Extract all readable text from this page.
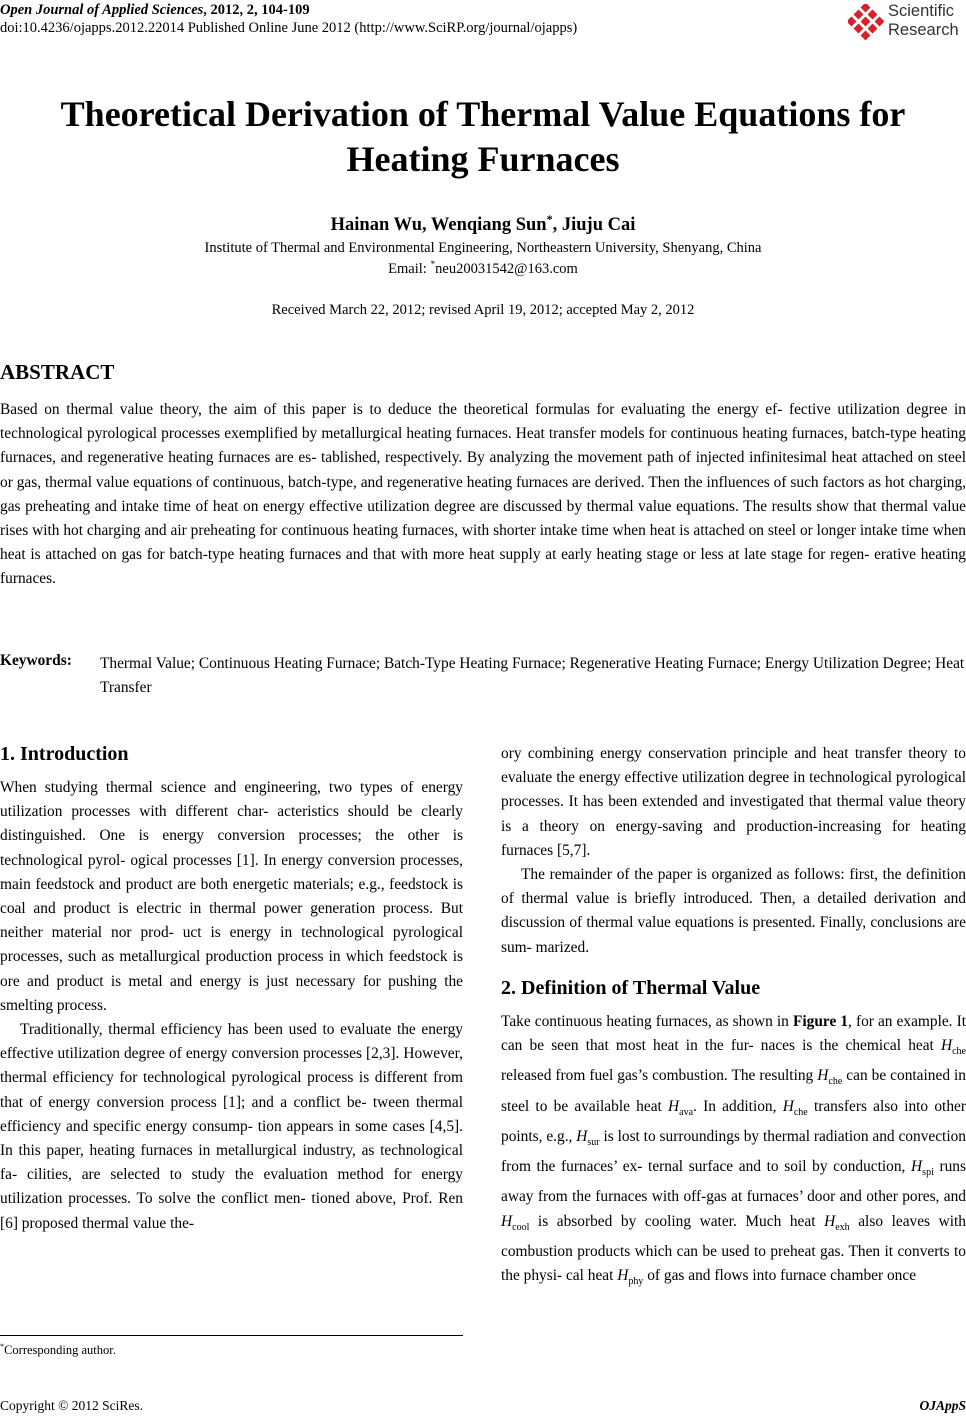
Open Journal of Applied Sciences, 2012, 2, 104-109
doi:10.4236/ojapps.2012.22014 Published Online June 2012 (http://www.SciRP.org/journal/ojapps)
Scientific
Research
Theoretical Derivation of Thermal Value Equations for Heating Furnaces
Hainan Wu, Wenqiang Sun*, Jiuju Cai
Institute of Thermal and Environmental Engineering, Northeastern University, Shenyang, China
Email: *neu20031542@163.com
Received March 22, 2012; revised April 19, 2012; accepted May 2, 2012
ABSTRACT
Based on thermal value theory, the aim of this paper is to deduce the theoretical formulas for evaluating the energy ef- fective utilization degree in technological pyrological processes exemplified by metallurgical heating furnaces. Heat transfer models for continuous heating furnaces, batch-type heating furnaces, and regenerative heating furnaces are es- tablished, respectively. By analyzing the movement path of injected infinitesimal heat attached on steel or gas, thermal value equations of continuous, batch-type, and regenerative heating furnaces are derived. Then the influences of such factors as hot charging, gas preheating and intake time of heat on energy effective utilization degree are discussed by thermal value equations. The results show that thermal value rises with hot charging and air preheating for continuous heating furnaces, with shorter intake time when heat is attached on steel or longer intake time when heat is attached on gas for batch-type heating furnaces and that with more heat supply at early heating stage or less at late stage for regen- erative heating furnaces.
Keywords: Thermal Value; Continuous Heating Furnace; Batch-Type Heating Furnace; Regenerative Heating Furnace; Energy Utilization Degree; Heat Transfer

1. Introduction

When studying thermal science and engineering, two types of energy utilization processes with different char- acteristics should be clearly distinguished. One is energy conversion processes; the other is technological pyrol- ogical processes [1]. In energy conversion processes, main feedstock and product are both energetic materials; e.g., feedstock is coal and product is electric in thermal power generation process. But neither material nor prod- uct is energy in technological pyrological processes, such as metallurgical production process in which feedstock is ore and product is metal and energy is just necessary for pushing the smelting process.

Traditionally, thermal efficiency has been used to evaluate the energy effective utilization degree of energy conversion processes [2,3]. However, thermal efficiency for technological pyrological process is different from that of energy conversion process [1]; and a conflict be- tween thermal efficiency and specific energy consump- tion appears in some cases [4,5]. In this paper, heating furnaces in metallurgical industry, as technological fa- cilities, are selected to study the evaluation method for energy utilization processes. To solve the conflict men- tioned above, Prof. Ren [6] proposed thermal value the-

ory combining energy conservation principle and heat transfer theory to evaluate the energy effective utilization degree in technological pyrological processes. It has been extended and investigated that thermal value theory is a theory on energy-saving and production-increasing for heating furnaces [5,7].

The remainder of the paper is organized as follows: first, the definition of thermal value is briefly introduced. Then, a detailed derivation and discussion of thermal value equations is presented. Finally, conclusions are sum- marized.

2. Definition of Thermal Value

Take continuous heating furnaces, as shown in Figure 1, for an example. It can be seen that most heat in the fur- naces is the chemical heat $H_{che}$ released from fuel gas’s combustion. The resulting $H_{che}$ can be contained in steel to be available heat $H_{ava}$. In addition, $H_{che}$ transfers also into other points, e.g., $H_{sur}$ is lost to surroundings by thermal radiation and convection from the furnaces’ ex- ternal surface and to soil by conduction, $H_{spi}$ runs away from the furnaces with off-gas at furnaces’ door and other pores, and $H_{cool}$ is absorbed by cooling water. Much heat $H_{exh}$ also leaves with combustion products which can be used to preheat gas. Then it converts to the physi- cal heat $H_{phy}$ of gas and flows into furnace chamber once

*Corresponding author.
Copyright © 2012 SciRes.	OJAppS
